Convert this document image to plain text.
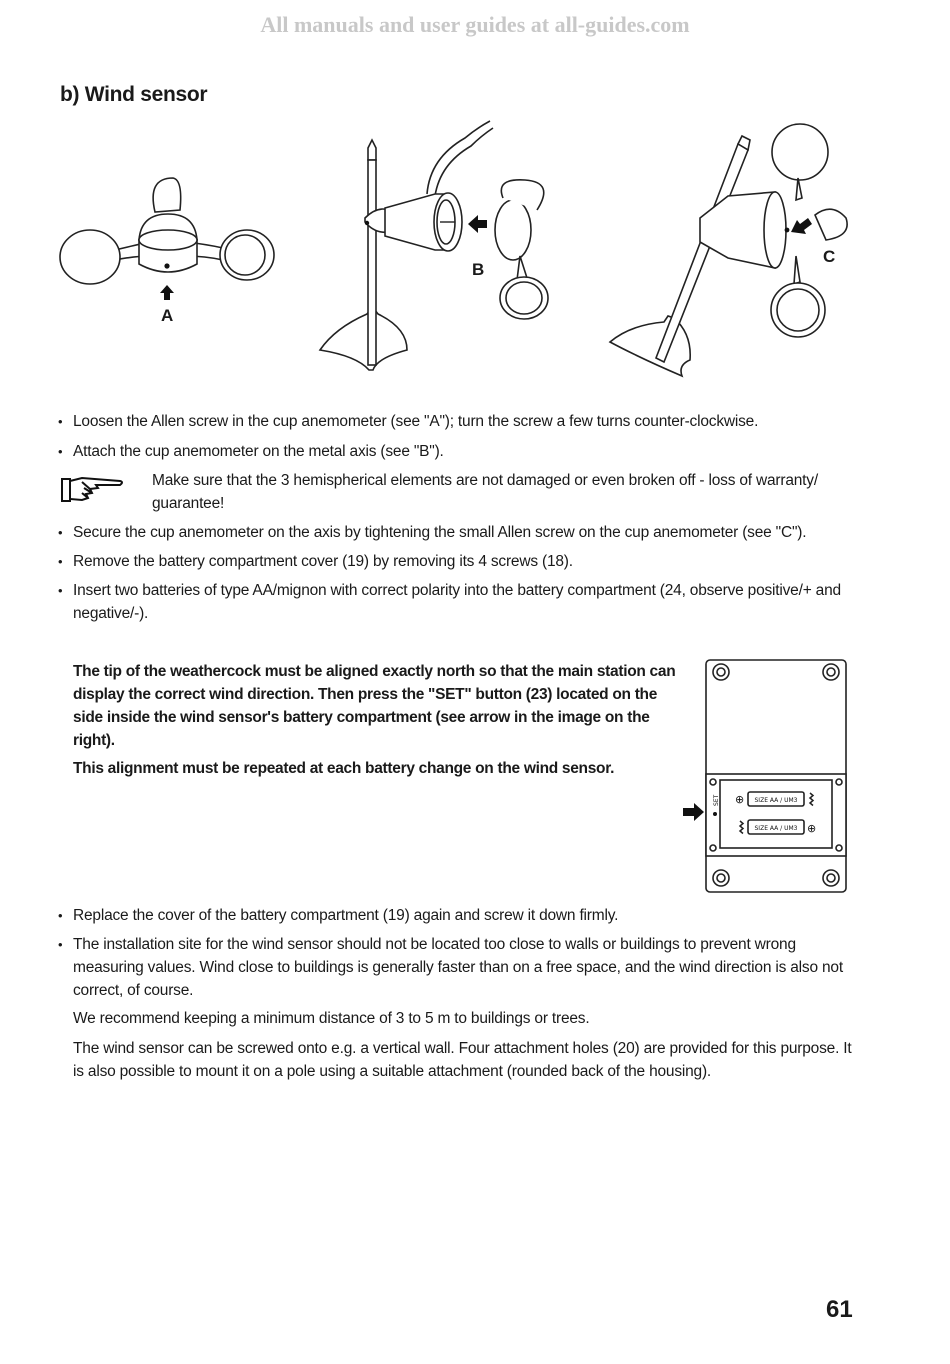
All manuals and user guides at all-guides.com
b) Wind sensor
A
B
C
• Loosen the Allen screw in the cup anemometer (see "A"); turn the screw a few turns counter-clockwise.
• Attach the cup anemometer on the metal axis (see "B").
Make sure that the 3 hemispherical elements are not damaged or even broken off - loss of warranty/ guarantee!
• Secure the cup anemometer on the axis by tightening the small Allen screw on the cup anemometer (see "C").
• Remove the battery compartment cover (19) by removing its 4 screws (18).
• Insert two batteries of type AA/mignon with correct polarity into the battery compartment (24, observe positive/+ and negative/-).
The tip of the weathercock must be aligned exactly north so that the main station can display the correct wind direction. Then press the "SET" button (23) located on the side inside the wind sensor's battery compartment (see arrow in the image on the right).
This alignment must be repeated at each battery change on the wind sensor.
⊕
⊕
SIZE AA / UM3
SIZE AA / UM3
SET
• Replace the cover of the battery compartment (19) again and screw it down firmly.
• The installation site for the wind sensor should not be located too close to walls or buildings to prevent wrong measuring values. Wind close to buildings is generally faster than on a free space, and the wind direction is also not correct, of course.
We recommend keeping a minimum distance of 3 to 5 m to buildings or trees.
The wind sensor can be screwed onto e.g. a vertical wall. Four attachment holes (20) are provided for this purpose. It is also possible to mount it on a pole using a suitable attachment (rounded back of the housing).
61
